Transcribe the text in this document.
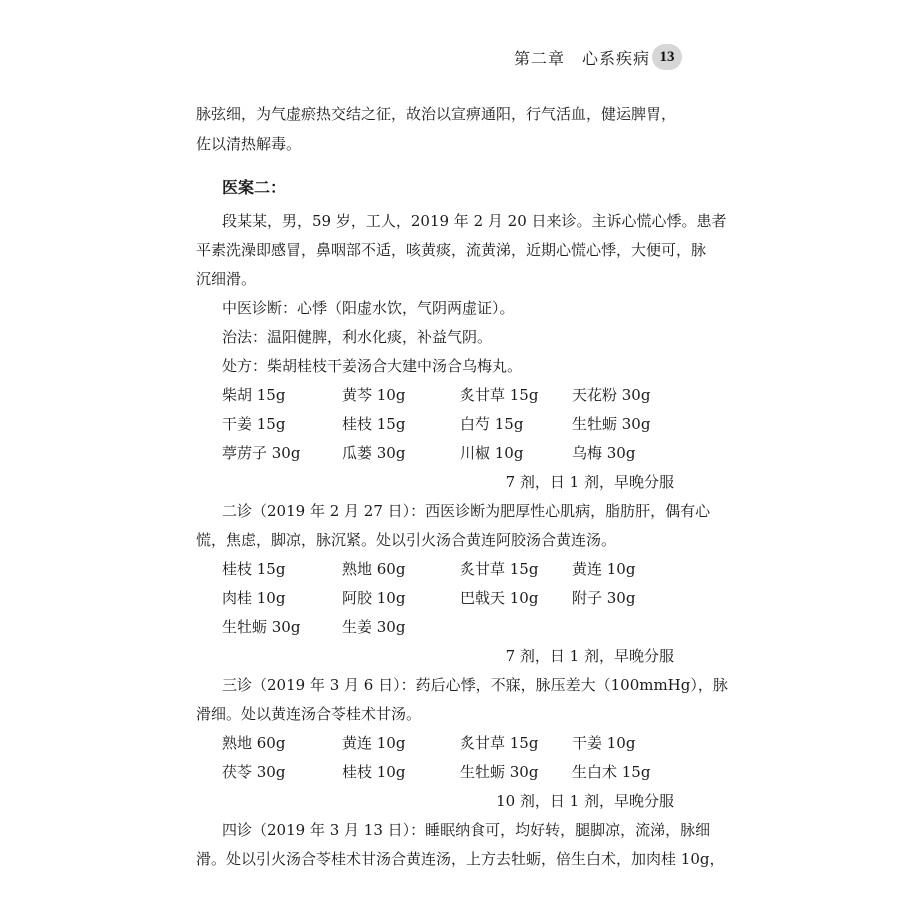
第二章　心系疾病 13
脉弦细，为气虚瘀热交结之征，故治以宣痹通阳，行气活血，健运脾胃，
佐以清热解毒。
医案二：
段某某，男，59 岁，工人，2019 年 2 月 20 日来诊。主诉心慌心悸。患者
平素洗澡即感冒，鼻咽部不适，咳黄痰，流黄涕，近期心慌心悸，大便可，脉
沉细滑。
中医诊断：心悸（阳虚水饮，气阴两虚证）。
治法：温阳健脾，利水化痰，补益气阴。
处方：柴胡桂枝干姜汤合大建中汤合乌梅丸。
柴胡 15g	黄芩 10g	炙甘草 15g 天花粉 30g
干姜 15g	桂枝 15g	白芍 15g	生牡蛎 30g
葶苈子 30g	瓜蒌 30g	川椒 10g	乌梅 30g
7 剂，日 1 剂，早晚分服
二诊（2019 年 2 月 27 日）：西医诊断为肥厚性心肌病，脂肪肝，偶有心
慌，焦虑，脚凉，脉沉紧。处以引火汤合黄连阿胶汤合黄连汤。
桂枝 15g	熟地 60g	炙甘草 15g 黄连 10g
肉桂 10g	阿胶 10g	巴戟天 10g 附子 30g
生牡蛎 30g	生姜 30g
7 剂，日 1 剂，早晚分服
三诊（2019 年 3 月 6 日）：药后心悸，不寐，脉压差大（100mmHg），脉
滑细。处以黄连汤合苓桂术甘汤。
熟地 60g	黄连 10g	炙甘草 15g 干姜 10g
茯苓 30g	桂枝 10g	生牡蛎 30g 生白术 15g
10 剂，日 1 剂，早晚分服
四诊（2019 年 3 月 13 日）：睡眠纳食可，均好转，腿脚凉，流涕，脉细
滑。处以引火汤合苓桂术甘汤合黄连汤，上方去牡蛎，倍生白术，加肉桂 10g，
